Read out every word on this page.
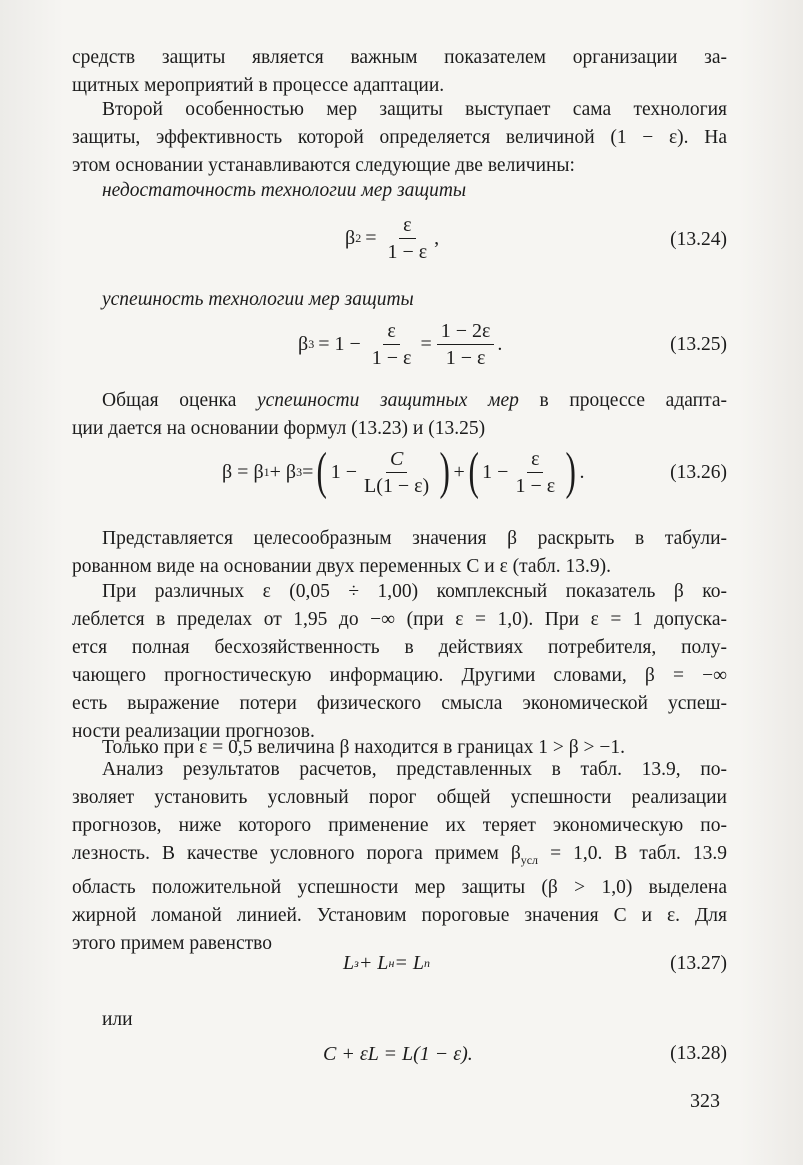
средств защиты является важным показателем организации за-
щитных мероприятий в процессе адаптации.

Второй особенностью мер защиты выступает сама технология
защиты, эффективность которой определяется величиной (1 − ε). На
этом основании устанавливаются следующие две величины:

недостаточность технологии мер защиты
β $2 = \frac{\varepsilon}{1 - \varepsilon}$ ,	(13.24)
успешность технологии мер защиты
β $3 = 1 - \frac{\varepsilon}{1 - \varepsilon} = \frac{1 - 2\varepsilon}{1 - \varepsilon}$ .	(13.25)

Общая оценка успешности защитных мер в процессе адапта-
ции дается на основании формул (13.23) и (13.25)

β = β 1 + β 3 = ( $1 - \frac{C}{L(1 - \varepsilon)}$ ) + ( $1 - \frac{\varepsilon}{1 - \varepsilon}$ ) .	(13.26)

Представляется целесообразным значения β раскрыть в табули-
рованном виде на основании двух переменных C и ε (табл. 13.9).

При различных ε (0,05 ÷ 1,00) комплексный показатель β ко-
леблется в пределах от 1,95 до −∞ (при ε = 1,0). При ε = 1 допуска-
ется полная бесхозяйственность в действиях потребителя, полу-
чающего прогностическую информацию. Другими словами, β = −∞
есть выражение потери физического смысла экономической успеш-
ности реализации прогнозов.

Только при ε = 0,5 величина β находится в границах 1 > β > −1.

Анализ результатов расчетов, представленных в табл. 13.9, по-
зволяет установить условный порог общей успешности реализации
прогнозов, ниже которого применение их теряет экономическую по-
лезность. В качестве условного порога примем $\beta_{усл} = 1,0$. В табл. 13.9
область положительной успешности мер защиты (β > 1,0) выделена
жирной ломаной линией. Установим пороговые значения C и ε. Для
этого примем равенство

L з + L н = L п	(13.27)
или
C + εL = L(1 − ε).	(13.28)
323
